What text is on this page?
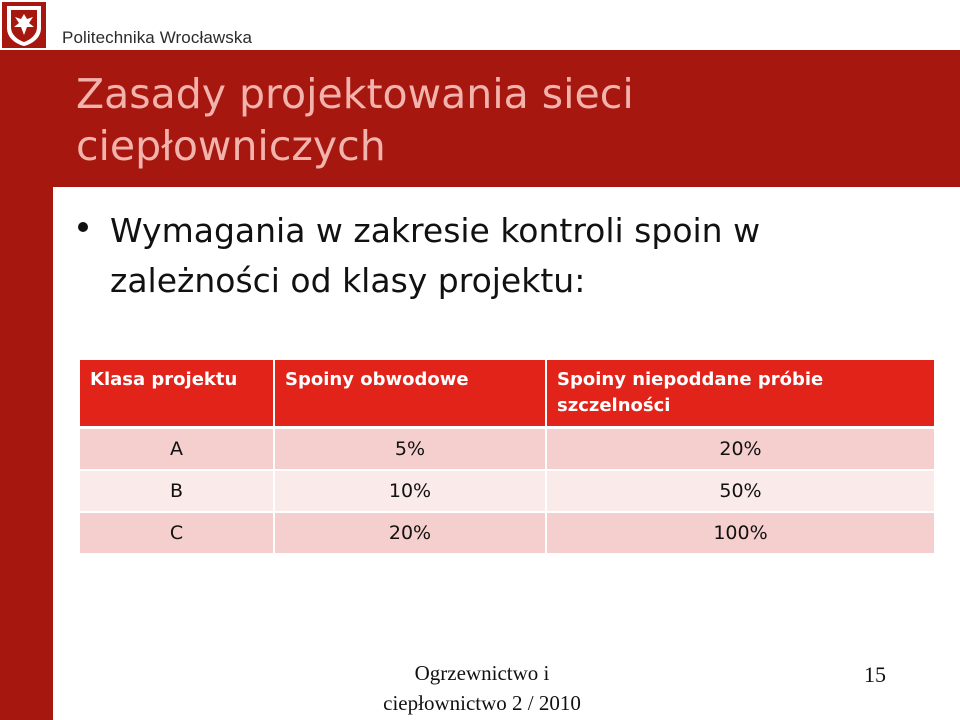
Politechnika Wrocławska
Zasady projektowania sieci ciepłowniczych
Wymagania w zakresie kontroli spoin w zależności od klasy projektu:
Klasa projektu	Spoiny obwodowe	Spoiny niepoddane próbie szczelności
A	5%	20%
B	10%	50%
C	20%	100%
Ogrzewnictwo i
ciepłownictwo 2 / 2010
15
